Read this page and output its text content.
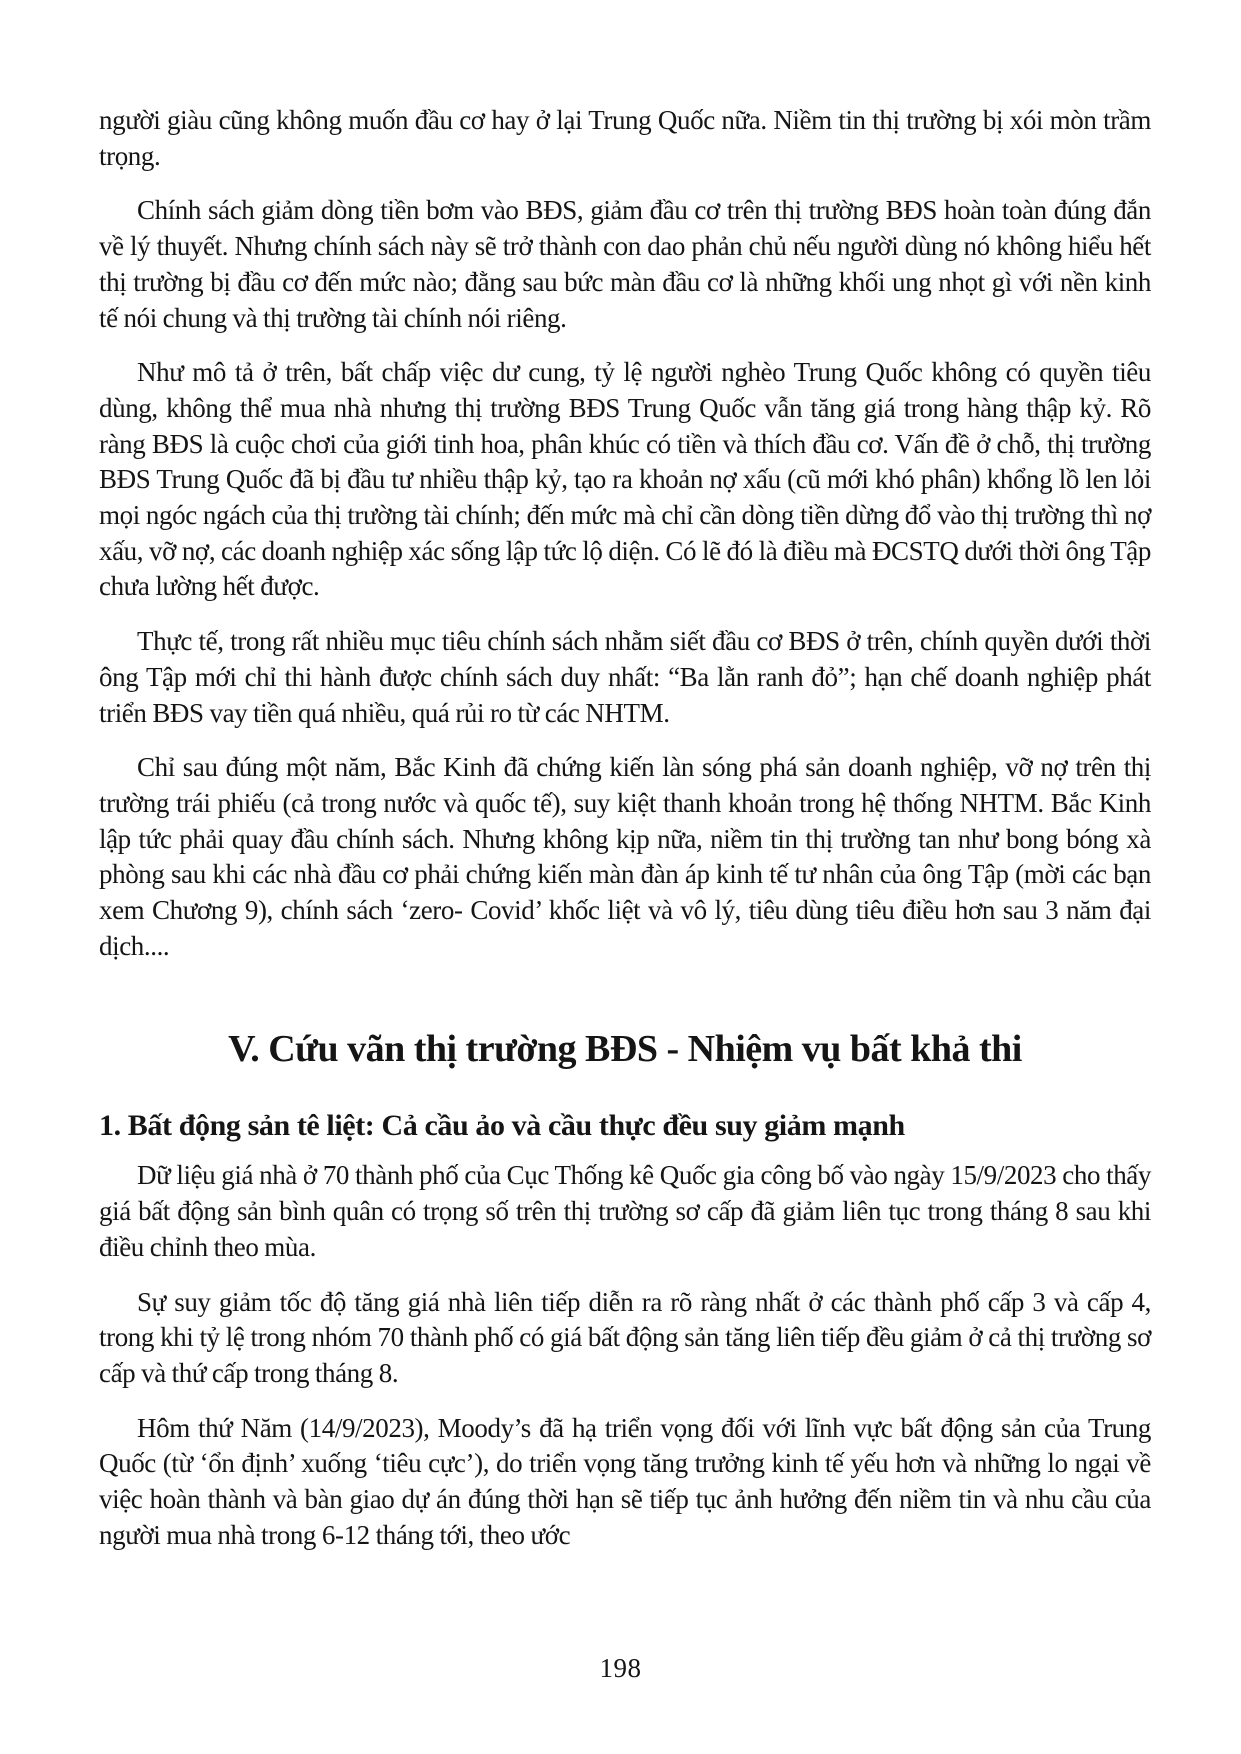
người giàu cũng không muốn đầu cơ hay ở lại Trung Quốc nữa. Niềm tin thị trường bị xói mòn trầm trọng.

Chính sách giảm dòng tiền bơm vào BĐS, giảm đầu cơ trên thị trường BĐS hoàn toàn đúng đắn về lý thuyết. Nhưng chính sách này sẽ trở thành con dao phản chủ nếu người dùng nó không hiểu hết thị trường bị đầu cơ đến mức nào; đằng sau bức màn đầu cơ là những khối ung nhọt gì với nền kinh tế nói chung và thị trường tài chính nói riêng.

Như mô tả ở trên, bất chấp việc dư cung, tỷ lệ người nghèo Trung Quốc không có quyền tiêu dùng, không thể mua nhà nhưng thị trường BĐS Trung Quốc vẫn tăng giá trong hàng thập kỷ. Rõ ràng BĐS là cuộc chơi của giới tinh hoa, phân khúc có tiền và thích đầu cơ. Vấn đề ở chỗ, thị trường BĐS Trung Quốc đã bị đầu tư nhiều thập kỷ, tạo ra khoản nợ xấu (cũ mới khó phân) khổng lồ len lỏi mọi ngóc ngách của thị trường tài chính; đến mức mà chỉ cần dòng tiền dừng đổ vào thị trường thì nợ xấu, vỡ nợ, các doanh nghiệp xác sống lập tức lộ diện. Có lẽ đó là điều mà ĐCSTQ dưới thời ông Tập chưa lường hết được.

Thực tế, trong rất nhiều mục tiêu chính sách nhằm siết đầu cơ BĐS ở trên, chính quyền dưới thời ông Tập mới chỉ thi hành được chính sách duy nhất: “Ba lằn ranh đỏ”; hạn chế doanh nghiệp phát triển BĐS vay tiền quá nhiều, quá rủi ro từ các NHTM.

Chỉ sau đúng một năm, Bắc Kinh đã chứng kiến làn sóng phá sản doanh nghiệp, vỡ nợ trên thị trường trái phiếu (cả trong nước và quốc tế), suy kiệt thanh khoản trong hệ thống NHTM. Bắc Kinh lập tức phải quay đầu chính sách. Nhưng không kịp nữa, niềm tin thị trường tan như bong bóng xà phòng sau khi các nhà đầu cơ phải chứng kiến màn đàn áp kinh tế tư nhân của ông Tập (mời các bạn xem Chương 9), chính sách ‘zero- Covid’ khốc liệt và vô lý, tiêu dùng tiêu điều hơn sau 3 năm đại dịch....

V. Cứu vãn thị trường BĐS - Nhiệm vụ bất khả thi
1. Bất động sản tê liệt: Cả cầu ảo và cầu thực đều suy giảm mạnh

Dữ liệu giá nhà ở 70 thành phố của Cục Thống kê Quốc gia công bố vào ngày 15/9/2023 cho thấy giá bất động sản bình quân có trọng số trên thị trường sơ cấp đã giảm liên tục trong tháng 8 sau khi điều chỉnh theo mùa.

Sự suy giảm tốc độ tăng giá nhà liên tiếp diễn ra rõ ràng nhất ở các thành phố cấp 3 và cấp 4, trong khi tỷ lệ trong nhóm 70 thành phố có giá bất động sản tăng liên tiếp đều giảm ở cả thị trường sơ cấp và thứ cấp trong tháng 8.

Hôm thứ Năm (14/9/2023), Moody’s đã hạ triển vọng đối với lĩnh vực bất động sản của Trung Quốc (từ ‘ổn định’ xuống ‘tiêu cực’), do triển vọng tăng trưởng kinh tế yếu hơn và những lo ngại về việc hoàn thành và bàn giao dự án đúng thời hạn sẽ tiếp tục ảnh hưởng đến niềm tin và nhu cầu của người mua nhà trong 6-12 tháng tới, theo ước

198
